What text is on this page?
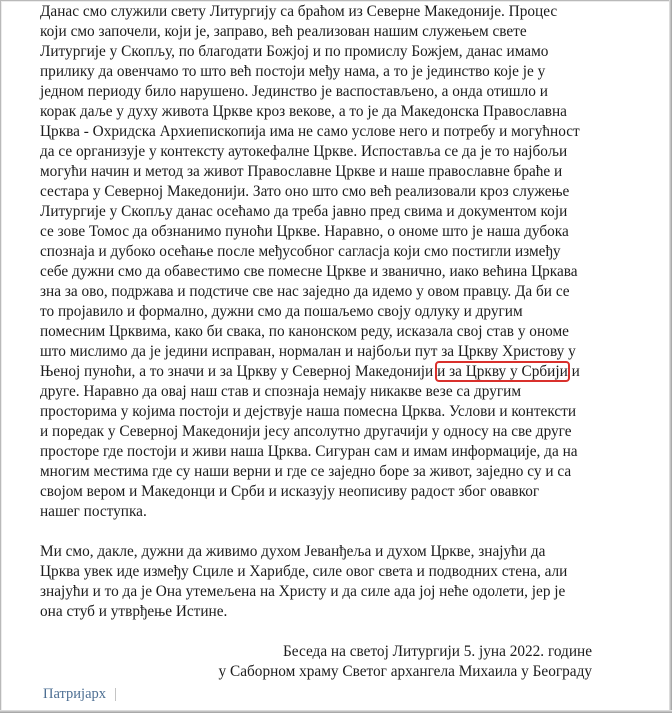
Данас смо служили свету Литургију са браћом из Северне Македоније. Процес
који смо започели, који је, заправо, већ реализован нашим служењем свете
Литургије у Скопљу, по благодати Божјој и по промислу Божјем, данас имамо
прилику да овенчамо то што већ постоји међу нама, а то је јединство које је у
једном периоду било нарушено. Јединство је васпостављено, а онда отишло и
корак даље у духу живота Цркве кроз векове, а то је да Македонска Православна
Црква - Охридска Архиепископија има не само услове него и потребу и могућност
да се организује у контексту аутокефалне Цркве. Испоставља се да је то најбољи
могући начин и метод за живот Православне Цркве и наше православне браће и
сестара у Северној Македонији. Зато оно што смо већ реализовали кроз служење
Литургије у Скопљу данас осећамо да треба јавно пред свима и документом који
се зове Томос да обзнанимо пуноћи Цркве. Наравно, о ономе што је наша дубока
спознаја и дубоко осећање после међусобног сагласја који смо постигли између
себе дужни смо да обавестимо све помесне Цркве и званично, иако већина Цркава
зна за ово, подржава и подстиче све нас заједно да идемо у овом правцу. Да би се
то пројавило и формално, дужни смо да пошаљемо своју одлуку и другим
помесним Црквима, како би свака, по канонском реду, исказала свој став у ономе
што мислимо да је једини исправан, нормалан и најбољи пут за Цркву Христову у
Њеној пуноћи, а то значи и за Цркву у Северној Македонији и за Цркву у Србији и
друге. Наравно да овај наш став и спознаја немају никакве везе са другим
просторима у којима постоји и дејствује наша помесна Црква. Услови и контексти
и поредак у Северној Македонији јесу апсолутно другачији у односу на све друге
просторе где постоји и живи наша Црква. Сигуран сам и имам информације, да на
многим местима где су наши верни и где се заједно боре за живот, заједно су и са
својом вером и Македонци и Срби и исказују неописиву радост због овавког
нашег поступка.

Ми смо, дакле, дужни да живимо духом Јеванђеља и духом Цркве, знајући да
Црква увек иде између Сциле и Харибде, силе овог света и подводних стена, али
знајући и то да је Она утемељена на Христу и да силе ада јој неће одолети, јер је
она стуб и утврђење Истине.

Беседа на светој Литургији 5. јуна 2022. године
у Саборном храму Светог архангела Михаила у Београду
Патријарх |
